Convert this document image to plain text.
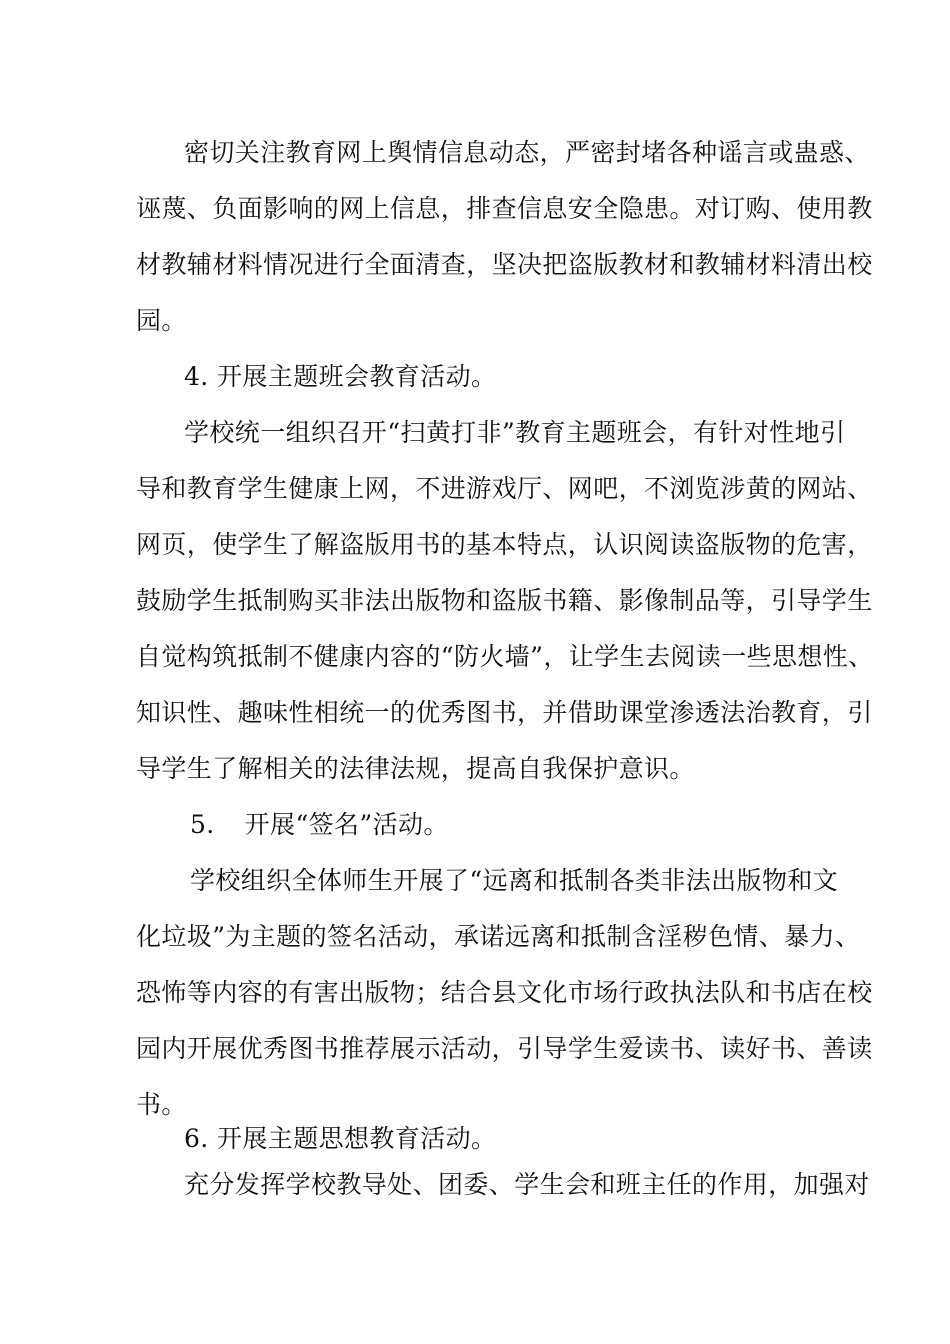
密切关注教育网上舆情信息动态，严密封堵各种谣言或蛊惑、
诬蔑、负面影响的网上信息，排查信息安全隐患。对订购、使用教
材教辅材料情况进行全面清查，坚决把盗版教材和教辅材料清出校
园。
4. 开展主题班会教育活动。
学校统一组织召开“扫黄打非”教育主题班会，有针对性地引
导和教育学生健康上网，不进游戏厅、网吧，不浏览涉黄的网站、
网页，使学生了解盗版用书的基本特点，认识阅读盗版物的危害，
鼓励学生抵制购买非法出版物和盗版书籍、影像制品等，引导学生
自觉构筑抵制不健康内容的“防火墙”，让学生去阅读一些思想性、
知识性、趣味性相统一的优秀图书，并借助课堂渗透法治教育，引
导学生了解相关的法律法规，提高自我保护意识。
5. 开展“签名”活动。
学校组织全体师生开展了“远离和抵制各类非法出版物和文
化垃圾”为主题的签名活动，承诺远离和抵制含淫秽色情、暴力、
恐怖等内容的有害出版物；结合县文化市场行政执法队和书店在校
园内开展优秀图书推荐展示活动，引导学生爱读书、读好书、善读
书。
6. 开展主题思想教育活动。
充分发挥学校教导处、团委、学生会和班主任的作用，加强对
